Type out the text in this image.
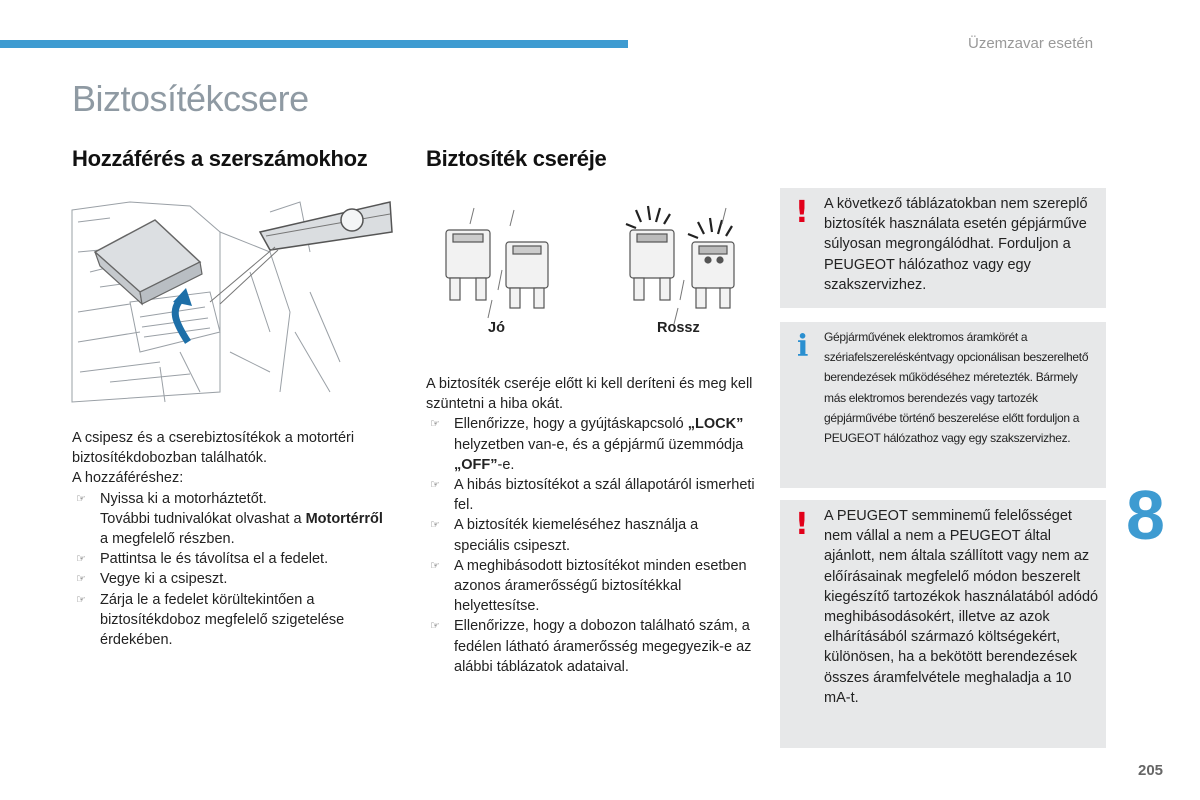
Üzemzavar esetén
Biztosítékcsere
Hozzáférés a szerszámokhoz	Biztosíték cseréje
Jó	Rossz

A csipesz és a cserebiztosítékok a motortéri biztosítékdobozban találhatók.

A hozzáféréshez:

☞ Nyissa ki a motorháztetőt.
További tudnivalókat olvashat a Motortérről a megfelelő részben.
☞ Pattintsa le és távolítsa el a fedelet.
☞ Vegye ki a csipeszt.
☞ Zárja le a fedelet körültekintően a biztosítékdoboz megfelelő szigetelése érdekében.

A biztosíték cseréje előtt ki kell deríteni és meg kell szüntetni a hiba okát.

☞ Ellenőrizze, hogy a gyújtáskapcsoló „LOCK” helyzetben van-e, és a gépjármű üzemmódja „OFF”-e.
☞ A hibás biztosítékot a szál állapotáról ismerheti fel.
☞ A biztosíték kiemeléséhez használja a speciális csipeszt.
☞ A meghibásodott biztosítékot minden esetben azonos áramerősségű biztosítékkal helyettesítse.
☞ Ellenőrizze, hogy a dobozon található szám, a fedélen látható áramerősség megegyezik-e az alábbi táblázatok adataival.
! A következő táblázatokban nem szereplő biztosíték használata esetén gépjárműve súlyosan megrongálódhat. Forduljon a PEUGEOT hálózathoz vagy egy szakszervizhez.
i Gépjárművének elektromos áramkörét a szériafelszereléskéntvagy opcionálisan beszerelhető berendezések működéséhez méretezték. Bármely más elektromos berendezés vagy tartozék gépjárművébe történő beszerelése előtt forduljon a PEUGEOT hálózathoz vagy egy szakszervizhez.
! A PEUGEOT semminemű felelősséget nem vállal a nem a PEUGEOT által ajánlott, nem általa szállított vagy nem az előírásainak megfelelő módon beszerelt kiegészítő tartozékok használatából adódó meghibásodásokért, illetve az azok elhárításából származó költségekért, különösen, ha a bekötött berendezések összes áramfelvétele meghaladja a 10 mA-t.
8
205
